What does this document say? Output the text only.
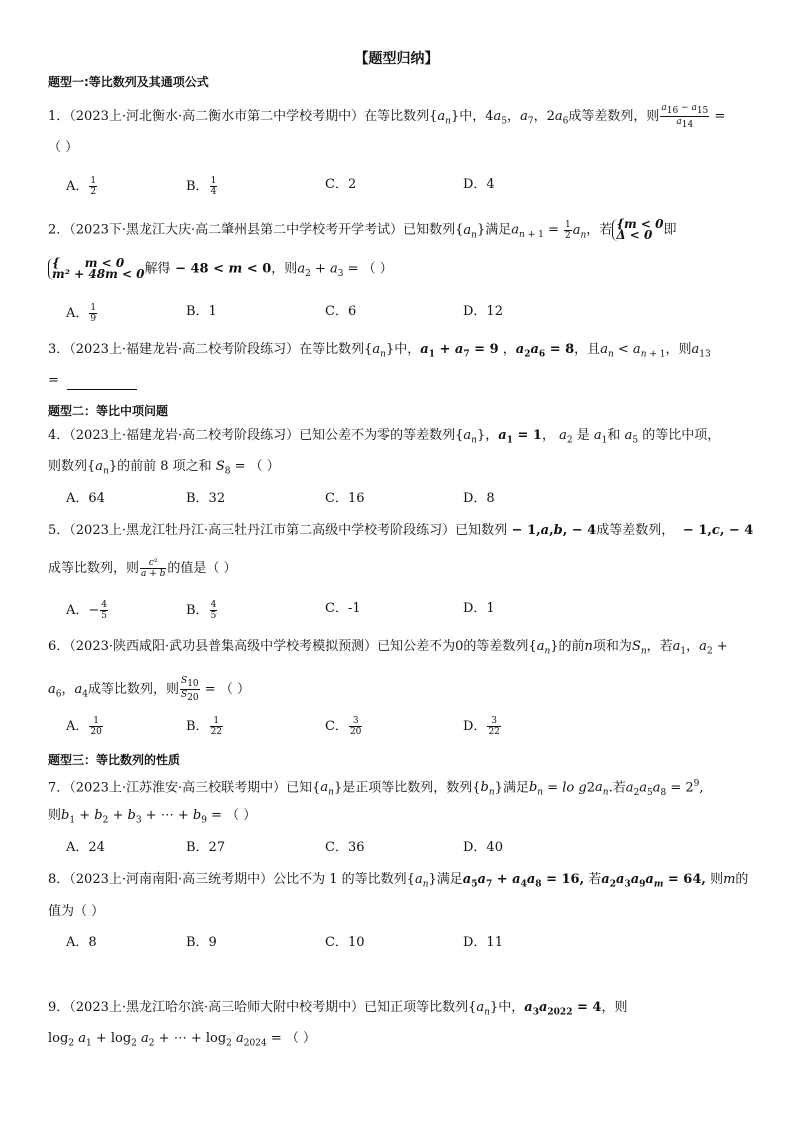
【题型归纳】
题型一:等比数列及其通项公式
1．（2023上·河北衡水·高二衡水市第二中学校考期中）在等比数列$\{a_n\}$中，$4a_5$，$a_7$，$2a_6$成等差数列，则 $\frac{a_{16} - a_{15}}{a_{14}}$ =
（ ）
A． $\frac{1}{2}$	B． $\frac{1}{4}$	C．2	D．4
2．（2023下·黑龙江大庆·高二肇州县第二中学校考开学考试）已知数列$\{a_n\}$满足$a_{n + 1} = \frac{1}{2} a_n$，若 {m < 0
Δ < 0 即
{      m < 0
m² + 48m < 0解得 − 48 < m < 0，则$a_2 + a_3$ = （ ）
A． $\frac{1}{9}$	B．1	C．6	D．12
3．（2023上·福建龙岩·高二校考阶段练习）在等比数列$\{a_n\}$中，$a_1 + a_7 = 9$ ，$a_2a_6 = 8$，且$a_n < a_{n + 1}$，则$a_{13}$
=
题型二：等比中项问题
4．（2023上·福建龙岩·高二校考阶段练习）已知公差不为零的等差数列$\{a_n\}$，$a_1 = 1$， $a_2$ 是 $a_1$和 $a_5$ 的等比中项，
则数列$\{a_n\}$的前前 8 项之和 $S_8$ = （ ）
A．64	B．32	C．16	D．8
5．（2023上·黑龙江牡丹江·高三牡丹江市第二高级中学校考阶段练习）已知数列 − 1,a,b, − 4成等差数列，  − 1,c, − 4
成等比数列，则 $\frac{\text{c²}}{a + b}$ 的值是（ ）
A．− $\frac{4}{5}$	B． $\frac{4}{5}$	C．-1	D．1
6．（2023·陕西咸阳·武功县普集高级中学校考模拟预测）已知公差不为0的等差数列$\{a_n\}$的前n项和为$S_n$，若$a_1$，$a_2$ +
$a_6$，$a_4$成等比数列，则 $\frac{S_{10}}{S_{20}}$ = （ ）
A． $\frac{1}{20}$	B． $\frac{1}{22}$	C． $\frac{3}{20}$	D． $\frac{3}{22}$
题型三：等比数列的性质
7．（2023上·江苏淮安·高三校联考期中）已知$\{a_n\}$是正项等比数列，数列$\{b_n\}$满足$b_n$ = lo $g2a_n$.若$a_2a_5a_8 = 2^9$,
则$b_1 + b_2 + b_3$ + ⋯ + $b_9$ = （ ）
A．24	B．27	C．36	D．40
8．（2023上·河南南阳·高三统考期中）公比不为 1 的等比数列$\{a_n\}$满足$a_5a_7 + a_4a_8 = 16$, 若$a_2a_3a_9a_m = 64$, 则m的
值为（ ）
A．8	B．9	C．10	D．11
9．（2023上·黑龙江哈尔滨·高三哈师大附中校考期中）已知正项等比数列$\{a_n\}$中，$a_3a_{2022} = 4$，则
$\log_2 a_1 + \log_2 a_2$ + ⋯ + $\log_2 a_{2024}$ = （ ）
